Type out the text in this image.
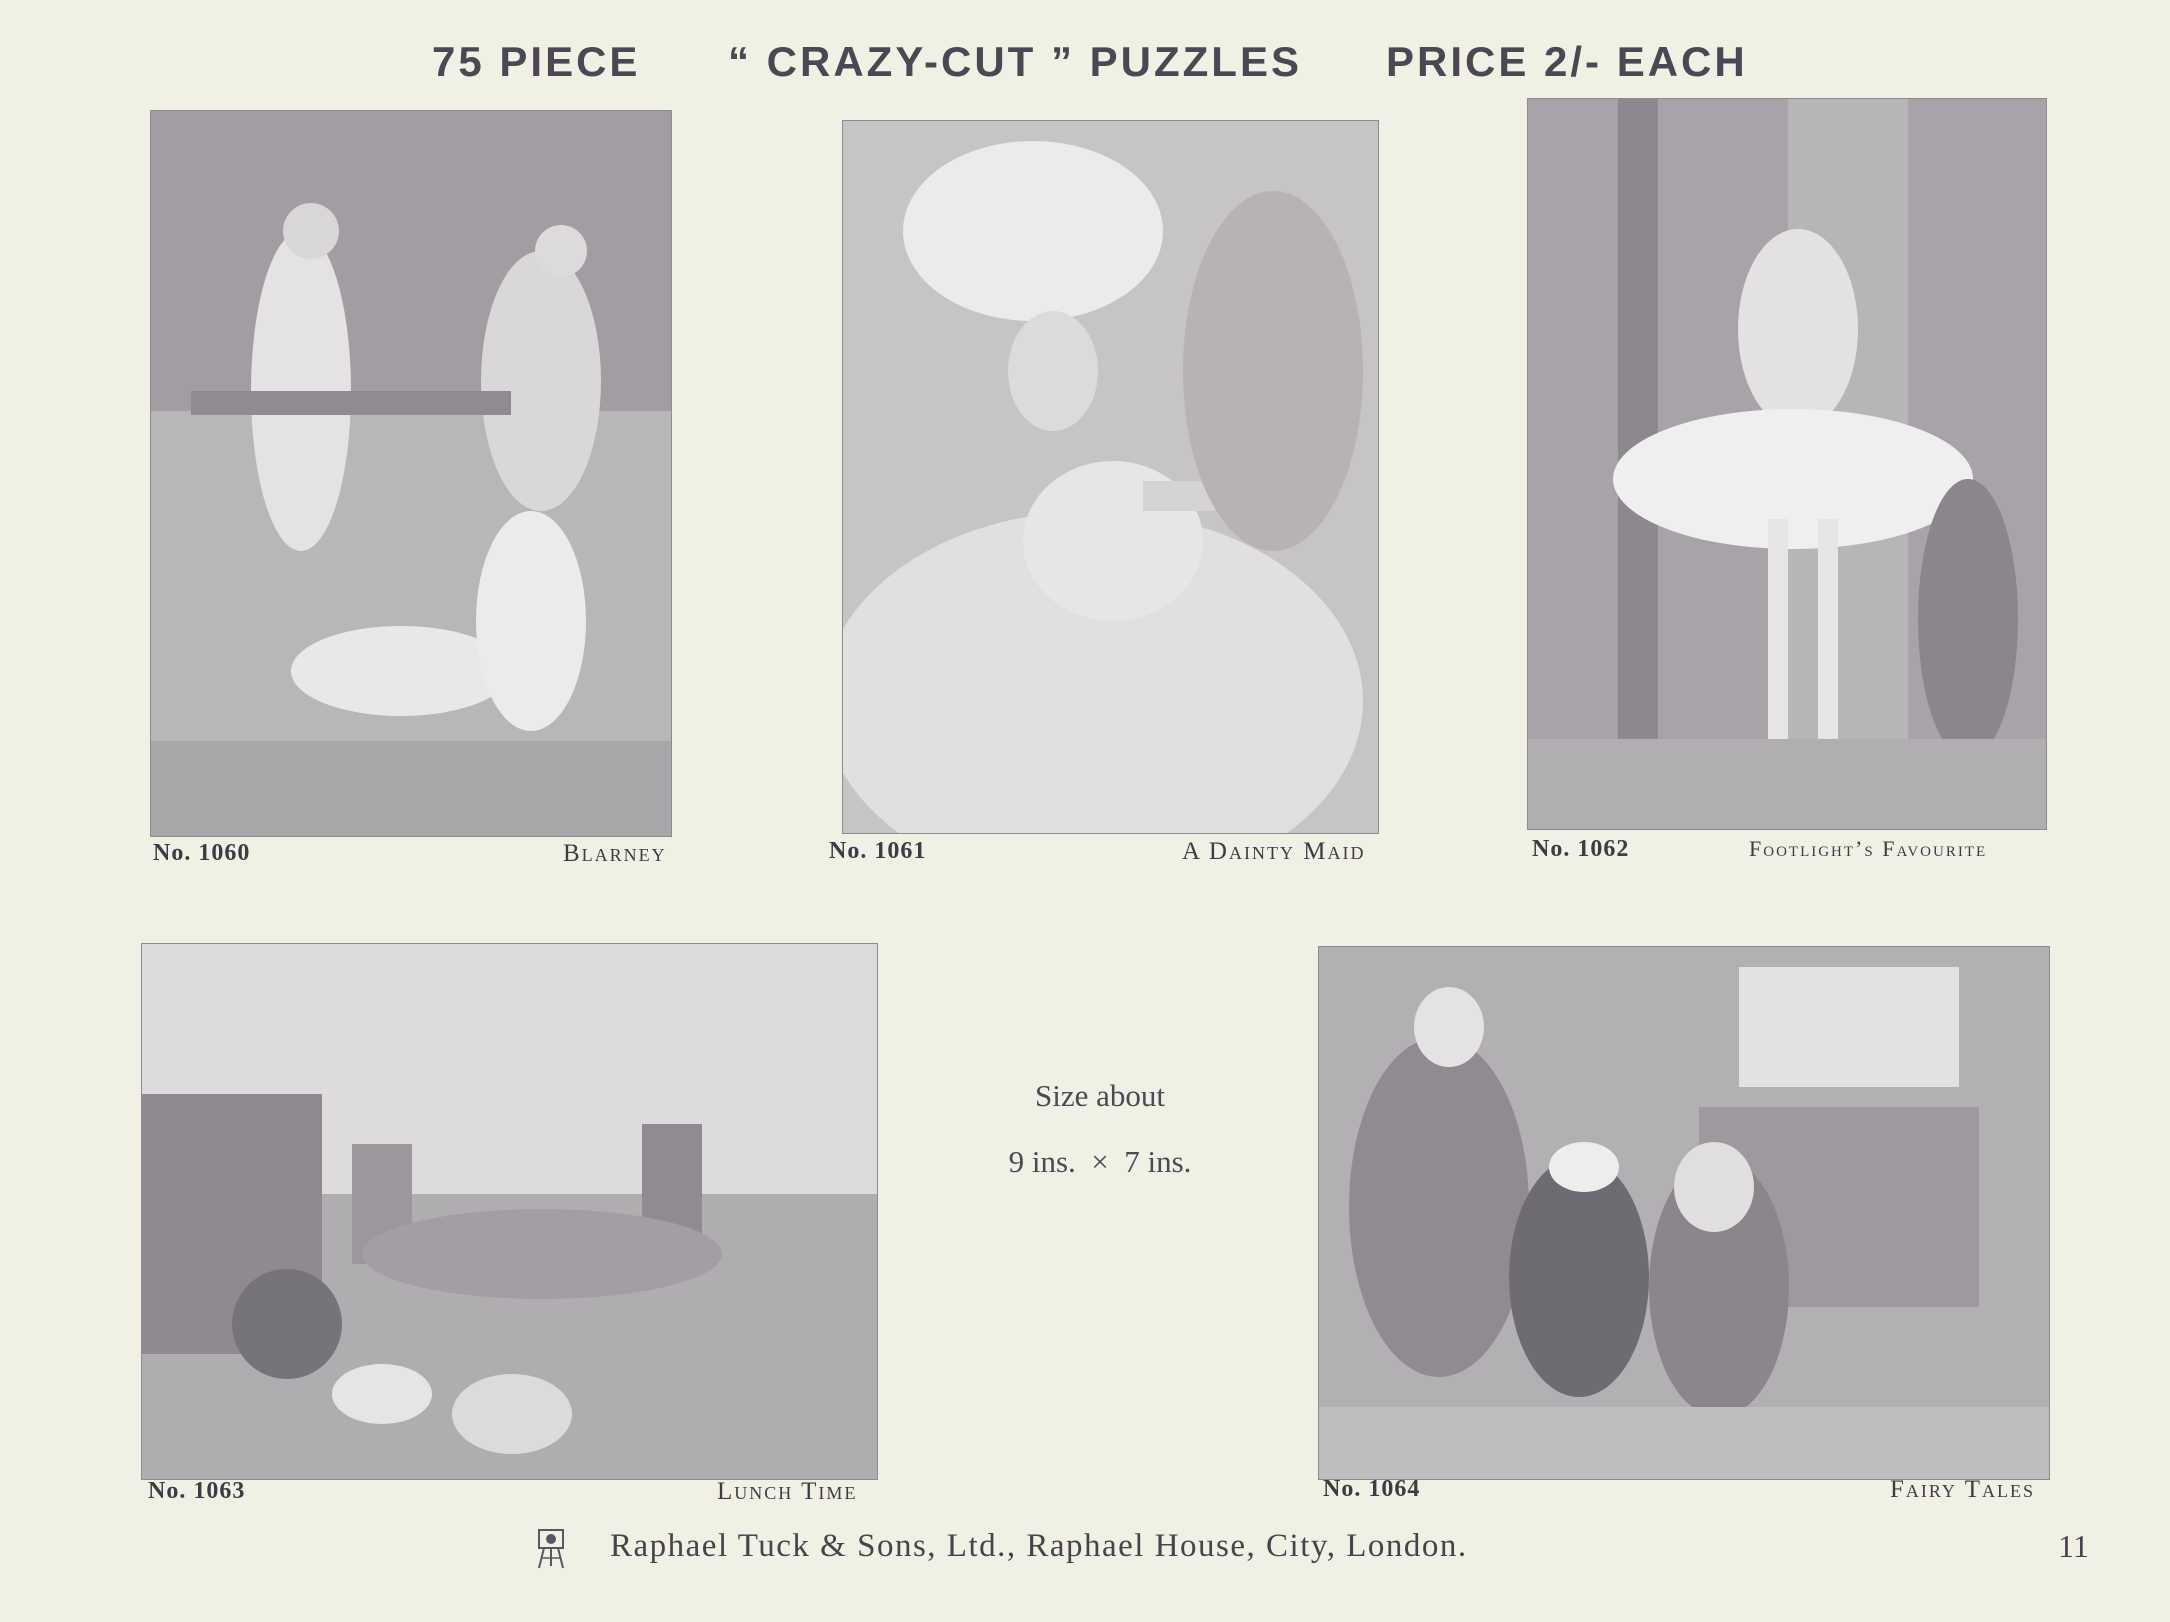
75 PIECE “ CRAZY-CUT ” PUZZLES PRICE 2/- EACH
No. 1060	Blarney	No. 1061	A Dainty Maid	No. 1062	Footlight’s Favourite
No. 1063	Lunch Time	No. 1064	Fairy Tales
Size about
9 ins.  ×  7 ins.
Raphael Tuck & Sons, Ltd., Raphael House, City, London.	11
